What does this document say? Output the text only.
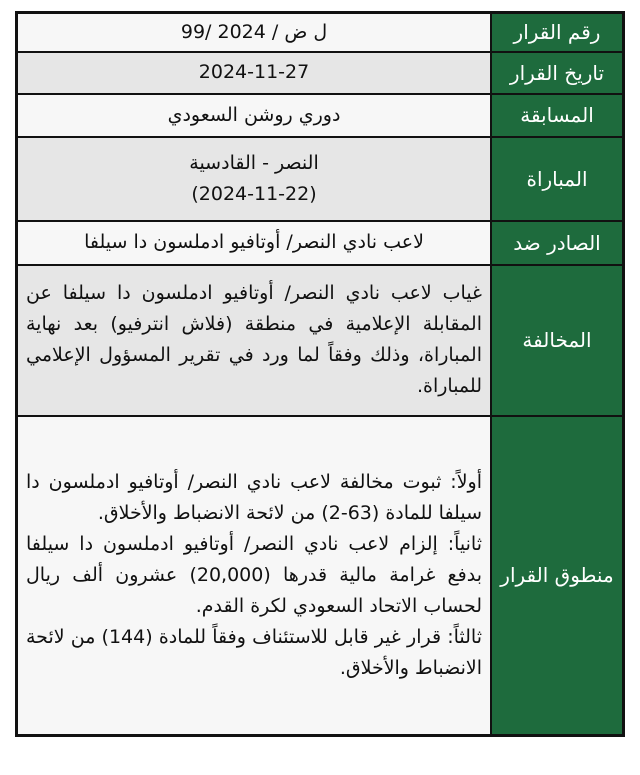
رقم القرار	99/ ل ض / 2024
تاريخ القرار	2024-11-27
المسابقة	دوري روشن السعودي
المباراة	النصر - القادسية
(2024-11-22)

الصادر ضد	لاعب نادي النصر/ أوتافيو ادملسون دا سيلفا
المخالفة	غياب لاعب نادي النصر/ أوتافيو ادملسون دا سيلفا عن المقابلة الإعلامية في منطقة (فلاش انترفيو) بعد نهاية المباراة، وذلك وفقاً لما ورد في تقرير المسؤول الإعلامي للمباراة.
منطوق القرار	أولاً: ثبوت مخالفة لاعب نادي النصر/ أوتافيو ادملسون دا سيلفا للمادة (63-2) من لائحة الانضباط والأخلاق.
ثانياً: إلزام لاعب نادي النصر/ أوتافيو ادملسون دا سيلفا بدفع غرامة مالية قدرها (20,000) عشرون ألف ريال لحساب الاتحاد السعودي لكرة القدم.
ثالثاً: قرار غير قابل للاستئناف وفقاً للمادة (144) من لائحة الانضباط والأخلاق.
